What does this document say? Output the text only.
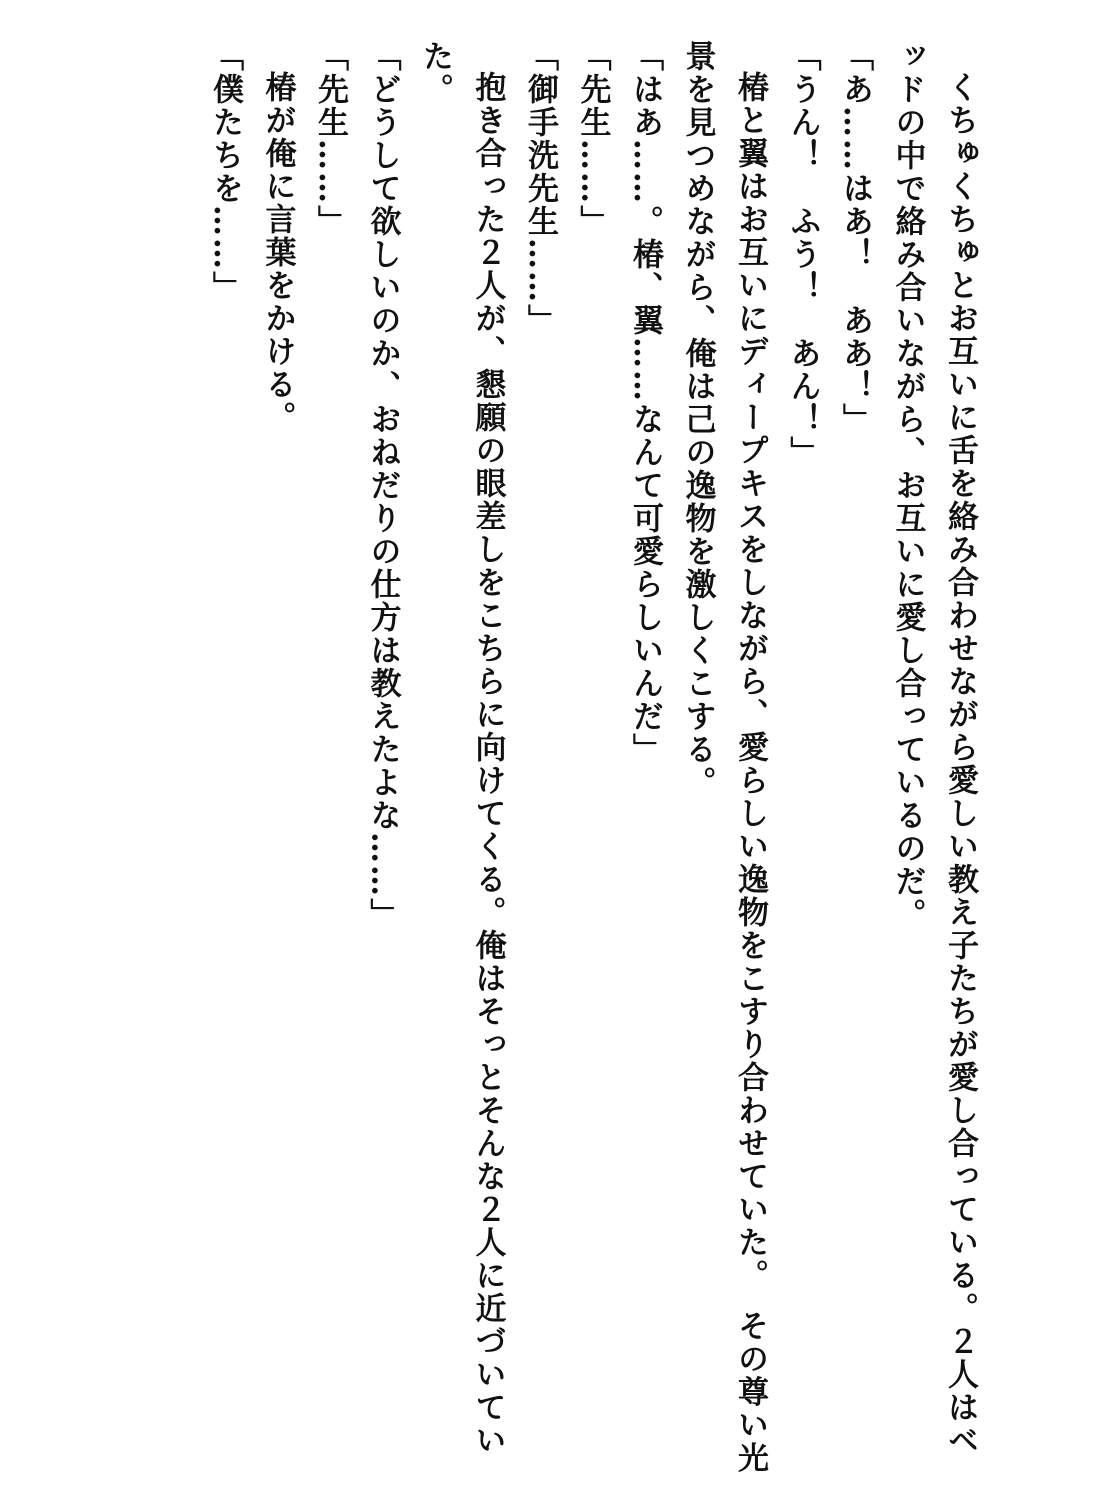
くちゅくちゅとお互いに舌を絡み合わせながら愛しい教え子たちが愛し合っている。２人はベッドの中で絡み合いながら、お互いに愛し合っているのだ。

「あ……はあ！　ああ！」

「うん！　ふう！　あん！」

椿と翼はお互いにディープキスをしながら、愛らしい逸物をこすり合わせていた。　その尊い光景を見つめながら、俺は己の逸物を激しくこする。

「はあ……。椿、翼……なんて可愛らしいんだ」

「先生……」

「御手洗先生……」

抱き合った２人が、懇願の眼差しをこちらに向けてくる。俺はそっとそんな２人に近づいていた。

「どうして欲しいのか、おねだりの仕方は教えたよな……」

「先生……」

椿が俺に言葉をかける。

「僕たちを……」
